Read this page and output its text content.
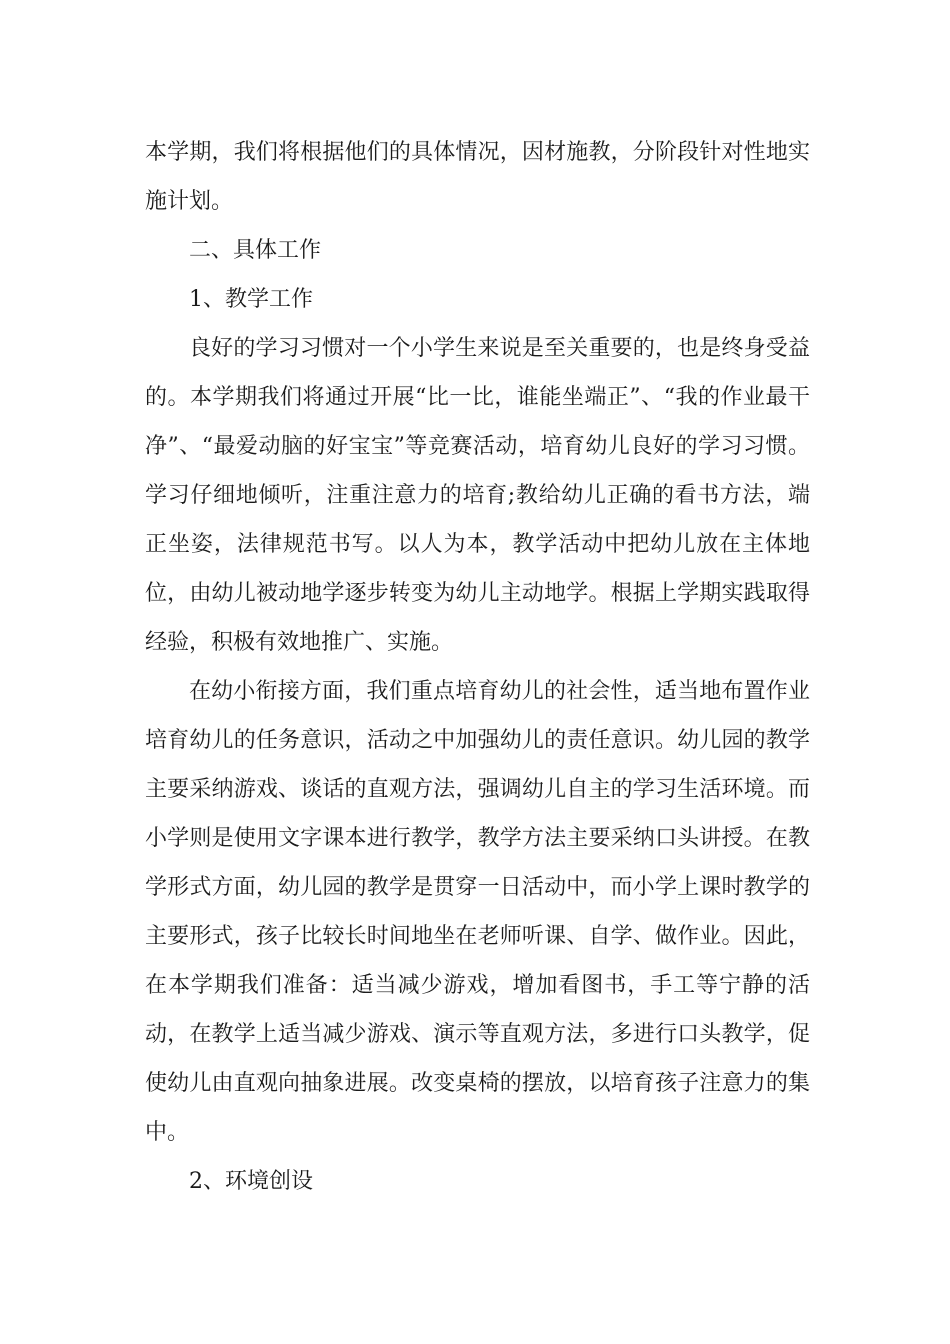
本学期，我们将根据他们的具体情况，因材施教，分阶段针对性地实施计划。

二、具体工作

1、教学工作

良好的学习习惯对一个小学生来说是至关重要的，也是终身受益的。本学期我们将通过开展“比一比，谁能坐端正”、“我的作业最干净”、“最爱动脑的好宝宝”等竞赛活动，培育幼儿良好的学习习惯。学习仔细地倾听，注重注意力的培育;教给幼儿正确的看书方法，端正坐姿，法律规范书写。以人为本，教学活动中把幼儿放在主体地位，由幼儿被动地学逐步转变为幼儿主动地学。根据上学期实践取得经验，积极有效地推广、实施。

在幼小衔接方面，我们重点培育幼儿的社会性，适当地布置作业培育幼儿的任务意识，活动之中加强幼儿的责任意识。幼儿园的教学主要采纳游戏、谈话的直观方法，强调幼儿自主的学习生活环境。而小学则是使用文字课本进行教学，教学方法主要采纳口头讲授。在教学形式方面，幼儿园的教学是贯穿一日活动中，而小学上课时教学的主要形式，孩子比较长时间地坐在老师听课、自学、做作业。因此，在本学期我们准备：适当减少游戏，增加看图书，手工等宁静的活动，在教学上适当减少游戏、演示等直观方法，多进行口头教学，促使幼儿由直观向抽象进展。改变桌椅的摆放，以培育孩子注意力的集中。

2、环境创设
